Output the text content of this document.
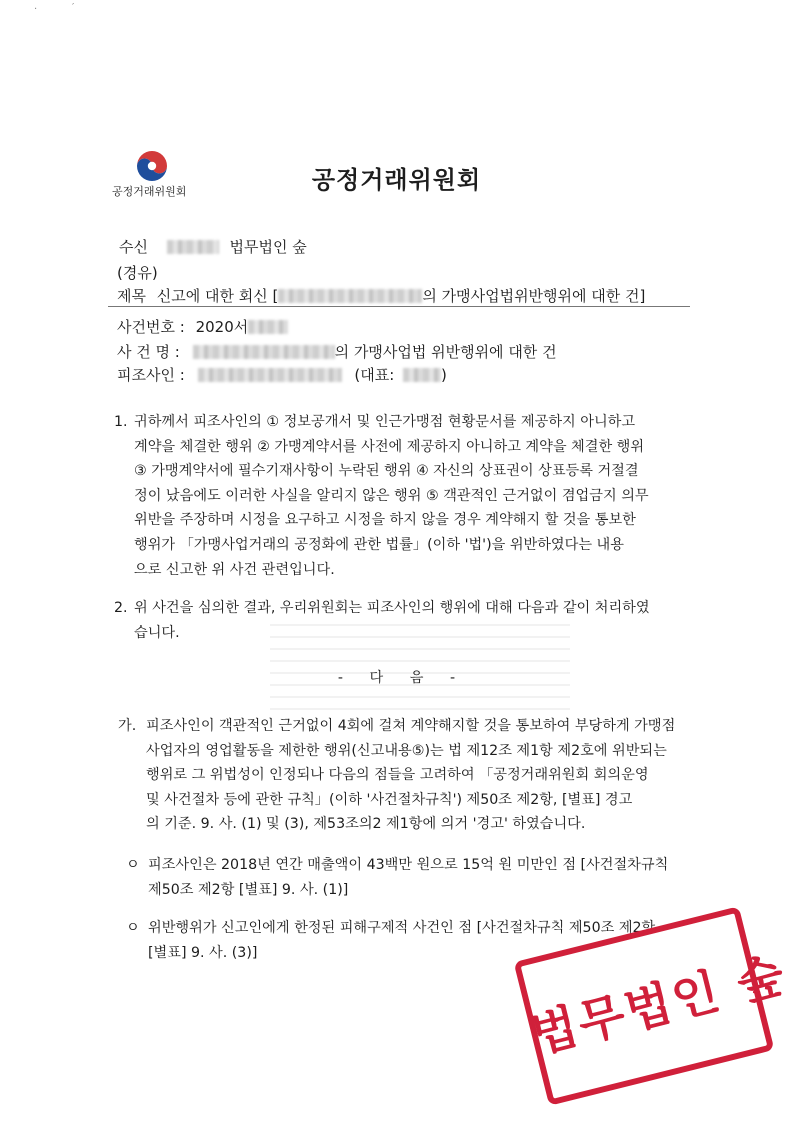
·	′
공정거래위원회	공정거래위원회
수신	법무법인 숲
(경유)
제목 신고에 대한 회신 [	의 가맹사업법위반행위에 대한 건]
사건번호 : 2020서
사 건 명 :	의 가맹사업법 위반행위에 대한 건
피조사인 :	(대표:	)
1. 귀하께서 피조사인의 ① 정보공개서 및 인근가맹점 현황문서를 제공하지 아니하고

계약을 체결한 행위 ② 가맹계약서를 사전에 제공하지 아니하고 계약을 체결한 행위

③ 가맹계약서에 필수기재사항이 누락된 행위 ④ 자신의 상표권이 상표등록 거절결

정이 났음에도 이러한 사실을 알리지 않은 행위 ⑤ 객관적인 근거없이 겸업금지 의무

위반을 주장하며 시정을 요구하고 시정을 하지 않을 경우 계약해지 할 것을 통보한

행위가 「가맹사업거래의 공정화에 관한 법률」(이하 '법')을 위반하였다는 내용

으로 신고한 위 사건 관련입니다.

2. 위 사건을 심의한 결과, 우리위원회는 피조사인의 행위에 대해 다음과 같이 처리하였

습니다.

- 다 음 -
가. 피조사인이 객관적인 근거없이 4회에 걸쳐 계약해지할 것을 통보하여 부당하게 가맹점

사업자의 영업활동을 제한한 행위(신고내용⑤)는 법 제12조 제1항 제2호에 위반되는

행위로 그 위법성이 인정되나 다음의 점들을 고려하여 「공정거래위원회 회의운영

및 사건절차 등에 관한 규칙」(이하 '사건절차규칙') 제50조 제2항, [별표] 경고

의 기준. 9. 사. (1) 및 (3), 제53조의2 제1항에 의거 '경고' 하였습니다.

ㅇ 피조사인은 2018년 연간 매출액이 43백만 원으로 15억 원 미만인 점 [사건절차규칙

제50조 제2항 [별표] 9. 사. (1)]

ㅇ 위반행위가 신고인에게 한정된 피해구제적 사건인 점 [사건절차규칙 제50조 제2항

[별표] 9. 사. (3)]	법무법인 숲
